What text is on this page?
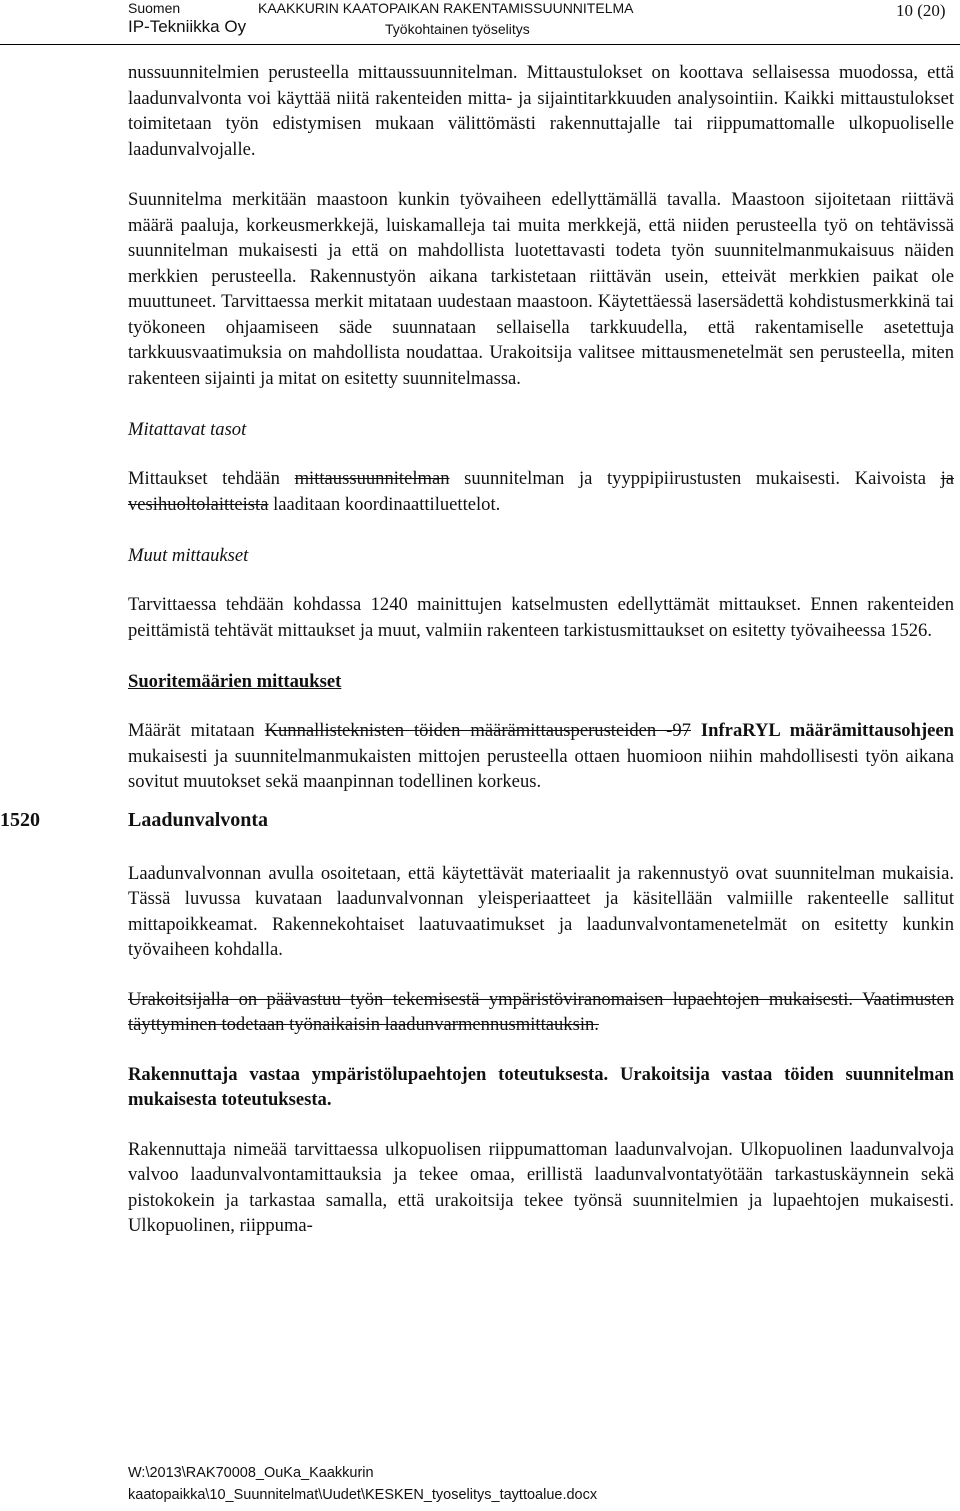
Suomen
IP-Tekniikka Oy
KAAKKURIN KAATOPAIKAN RAKENTAMISSUUNNITELMA
Työkohtainen työselitys
10 (20)

nussuunnitelmien perusteella mittaussuunnitelman. Mittaustulokset on koottava sellaisessa muodossa, että laadunvalvonta voi käyttää niitä rakenteiden mitta- ja sijaintitarkkuuden analysointiin. Kaikki mittaustulokset toimitetaan työn edistymisen mukaan välittömästi rakennuttajalle tai riippumattomalle ulkopuoliselle laadunvalvojalle.

Suunnitelma merkitään maastoon kunkin työvaiheen edellyttämällä tavalla. Maastoon sijoitetaan riittävä määrä paaluja, korkeusmerkkejä, luiskamalleja tai muita merkkejä, että niiden perusteella työ on tehtävissä suunnitelman mukaisesti ja että on mahdollista luotettavasti todeta työn suunnitelmanmukaisuus näiden merkkien perusteella. Rakennustyön aikana tarkistetaan riittävän usein, etteivät merkkien paikat ole muuttuneet. Tarvittaessa merkit mitataan uudestaan maastoon. Käytettäessä lasersädettä kohdistusmerkkinä tai työkoneen ohjaamiseen säde suunnataan sellaisella tarkkuudella, että rakentamiselle asetettuja tarkkuusvaatimuksia on mahdollista noudattaa. Urakoitsija valitsee mittausmenetelmät sen perusteella, miten rakenteen sijainti ja mitat on esitetty suunnitelmassa.

Mitattavat tasot

Mittaukset tehdään mittaussuunnitelman suunnitelman ja tyyppipiirustusten mukaisesti. Kaivoista ja vesihuoltolaitteista laaditaan koordinaattiluettelot.

Muut mittaukset

Tarvittaessa tehdään kohdassa 1240 mainittujen katselmusten edellyttämät mittaukset. Ennen rakenteiden peittämistä tehtävät mittaukset ja muut, valmiin rakenteen tarkistusmittaukset on esitetty työvaiheessa 1526.

Suoritemäärien mittaukset

Määrät mitataan Kunnallisteknisten töiden määrämittausperusteiden -97 InfraRYL määrämittausohjeen mukaisesti ja suunnitelmanmukaisten mittojen perusteella ottaen huomioon niihin mahdollisesti työn aikana sovitut muutokset sekä maanpinnan todellinen korkeus.

1520	Laadunvalvonta

Laadunvalvonnan avulla osoitetaan, että käytettävät materiaalit ja rakennustyö ovat suunnitelman mukaisia. Tässä luvussa kuvataan laadunvalvonnan yleisperiaatteet ja käsitellään valmiille rakenteelle sallitut mittapoikkeamat. Rakennekohtaiset laatuvaatimukset ja laadunvalvontamenetelmät on esitetty kunkin työvaiheen kohdalla.

Urakoitsijalla on päävastuu työn tekemisestä ympäristöviranomaisen lupaehtojen mukaisesti. Vaatimusten täyttyminen todetaan työnaikaisin laadunvarmennusmittauksin.

Rakennuttaja vastaa ympäristölupaehtojen toteutuksesta. Urakoitsija vastaa töiden suunnitelman mukaisesta toteutuksesta.

Rakennuttaja nimeää tarvittaessa ulkopuolisen riippumattoman laadunvalvojan. Ulkopuolinen laadunvalvoja valvoo laadunvalvontamittauksia ja tekee omaa, erillistä laadunvalvontatyötään tarkastuskäynnein sekä pistokokein ja tarkastaa samalla, että urakoitsija tekee työnsä suunnitelmien ja lupaehtojen mukaisesti. Ulkopuolinen, riippuma-

W:\2013\RAK70008_OuKa_Kaakkurin
kaatopaikka\10_Suunnitelmat\Uudet\KESKEN_tyoselitys_tayttoalue.docx
